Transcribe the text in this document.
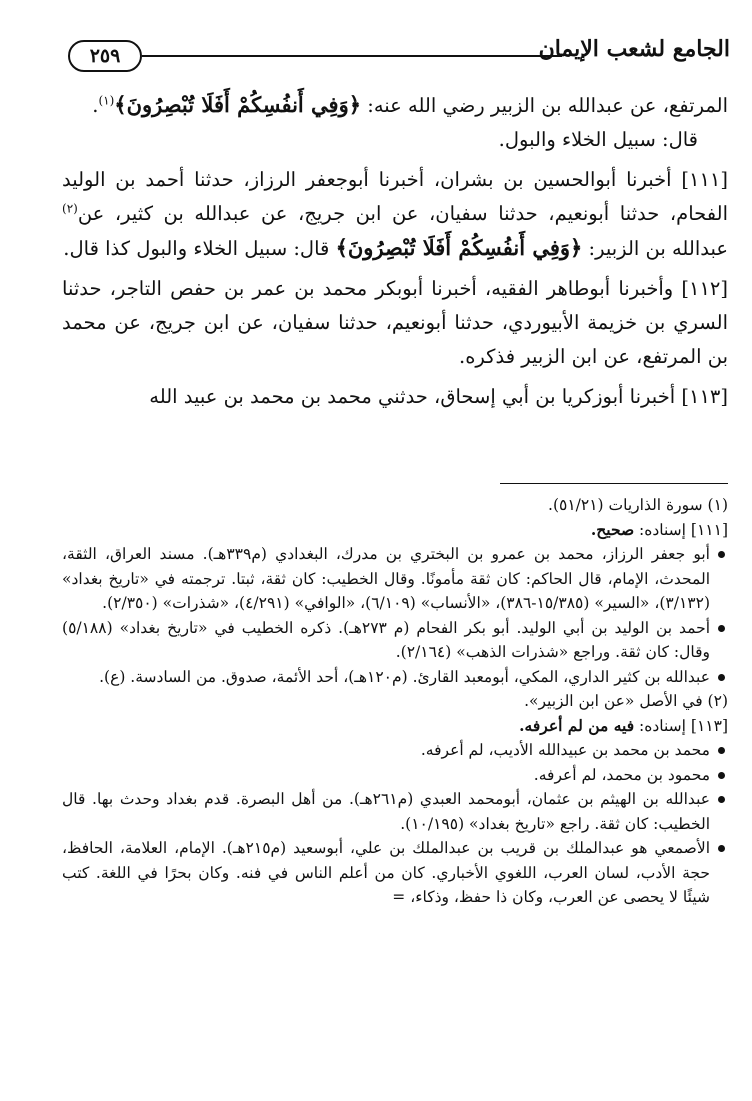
٢٥٩	الجامع لشعب الإيمان

المرتفع، عن عبدالله بن الزبير رضي الله عنه: ﴿وَفِي أَنفُسِكُمْ أَفَلَا تُبْصِرُونَ﴾$^{(١)}$.

قال: سبيل الخلاء والبول.

[١١١] أخبرنا أبوالحسين بن بشران، أخبرنا أبوجعفر الرزاز، حدثنا أحمد بن الوليد الفحام، حدثنا أبونعيم، حدثنا سفيان، عن ابن جريج، عن عبدالله بن كثير، عن$^{(٢)}$ عبدالله بن الزبير: ﴿وَفِي أَنفُسِكُمْ أَفَلَا تُبْصِرُونَ﴾ قال: سبيل الخلاء والبول كذا قال.

[١١٢] وأخبرنا أبوطاهر الفقيه، أخبرنا أبوبكر محمد بن عمر بن حفص التاجر، حدثنا السري بن خزيمة الأبيوردي، حدثنا أبونعيم، حدثنا سفيان، عن ابن جريج، عن محمد بن المرتفع، عن ابن الزبير فذكره.

[١١٣] أخبرنا أبوزكريا بن أبي إسحاق، حدثني محمد بن محمد بن عبيد الله

(١) سورة الذاريات (٥١/٢١).

[١١١] إسناده: صحيح.

أبو جعفر الرزاز، محمد بن عمرو بن البختري بن مدرك، البغدادي (م٣٣٩هـ). مسند العراق، الثقة، المحدث، الإمام، قال الحاكم: كان ثقة مأمونًا. وقال الخطيب: كان ثقة، ثبتا. ترجمته في «تاريخ بغداد» (٣/١٣٢)، «السير» (١٥/٣٨٥-٣٨٦)، «الأنساب» (٦/١٠٩)، «الوافي» (٤/٢٩١)، «شذرات» (٢/٣٥٠).

أحمد بن الوليد بن أبي الوليد. أبو بكر الفحام (م ٢٧٣هـ). ذكره الخطيب في «تاريخ بغداد» (٥/١٨٨) وقال: كان ثقة. وراجع «شذرات الذهب» (٢/١٦٤).

عبدالله بن كثير الداري، المكي، أبومعبد القارئ. (م١٢٠هـ)، أحد الأئمة، صدوق. من السادسة. (ع).

(٢) في الأصل «عن ابن الزبير».

[١١٣] إسناده: فيه من لم أعرفه.

محمد بن محمد بن عبيدالله الأديب، لم أعرفه.

محمود بن محمد، لم أعرفه.

عبدالله بن الهيثم بن عثمان، أبومحمد العبدي (م٢٦١هـ). من أهل البصرة. قدم بغداد وحدث بها. قال الخطيب: كان ثقة. راجع «تاريخ بغداد» (١٠/١٩٥).

الأصمعي هو عبدالملك بن قريب بن عبدالملك بن علي، أبوسعيد (م٢١٥هـ). الإمام، العلامة، الحافظ، حجة الأدب، لسان العرب، اللغوي الأخباري. كان من أعلم الناس في فنه. وكان بحرًا في اللغة. كتب شيئًا لا يحصى عن العرب، وكان ذا حفظ، وذكاء، =
